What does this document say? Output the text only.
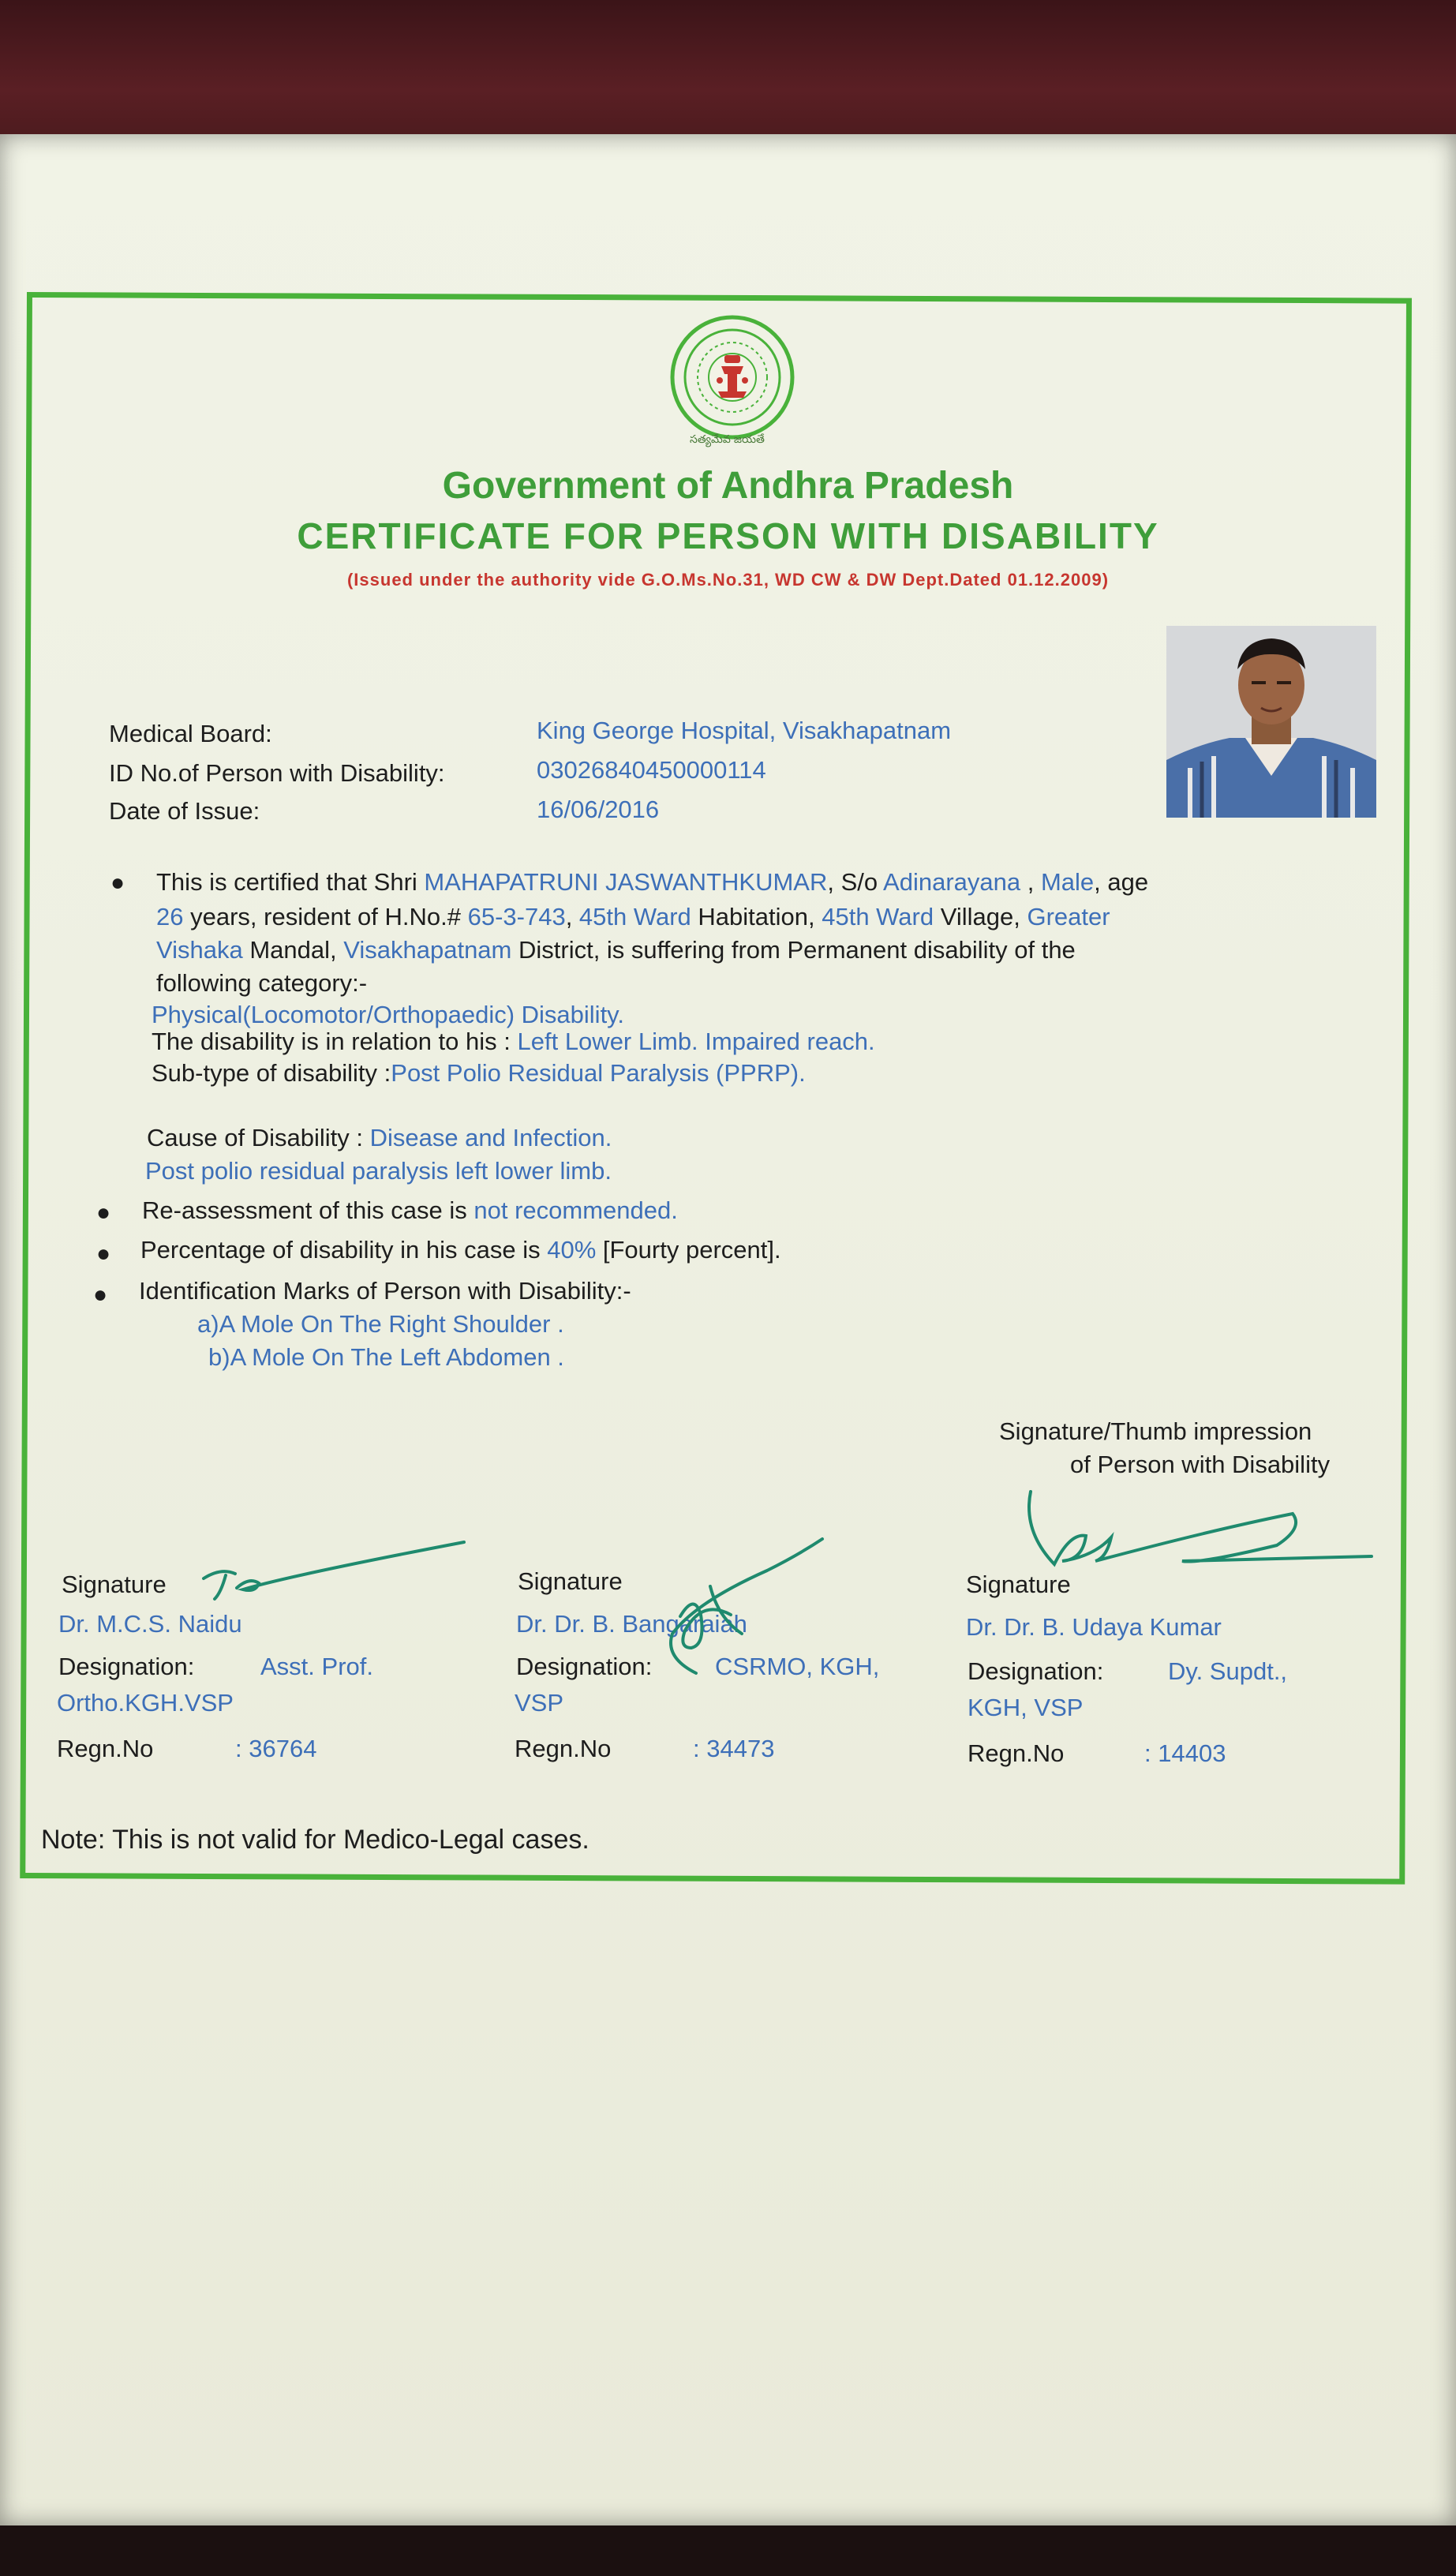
సత్యమేవ జయతే
Government of Andhra Pradesh
CERTIFICATE FOR PERSON WITH DISABILITY
(Issued under the authority vide G.O.Ms.No.31, WD CW & DW Dept.Dated 01.12.2009)
Medical Board:	King George Hospital, Visakhapatnam
ID No.of Person with Disability:	03026840450000114
Date of Issue:	16/06/2016
● This is certified that Shri MAHAPATRUNI JASWANTHKUMAR, S/o Adinarayana , Male, age
26 years, resident of H.No.# 65-3-743, 45th Ward Habitation, 45th Ward Village, Greater
Vishaka Mandal, Visakhapatnam District, is suffering from Permanent disability of the
following category:-
Physical(Locomotor/Orthopaedic) Disability.
The disability is in relation to his : Left Lower Limb. Impaired reach.
Sub-type of disability :Post Polio Residual Paralysis (PPRP).
Cause of Disability : Disease and Infection.
Post polio residual paralysis left lower limb.
● Re-assessment of this case is not recommended.
● Percentage of disability in his case is 40% [Fourty percent].
● Identification Marks of Person with Disability:-
a)A Mole On The Right Shoulder .
b)A Mole On The Left Abdomen .
Signature/Thumb impression
of Person with Disability
Signature
Dr. M.C.S. Naidu
Designation:	Asst. Prof.
Ortho.KGH.VSP
Regn.No	: 36764
Signature
Dr. Dr. B. Bangaraiah
Designation:	CSRMO, KGH,
VSP
Regn.No	: 34473
Signature
Dr. Dr. B. Udaya Kumar
Designation:	Dy. Supdt.,
KGH, VSP
Regn.No	: 14403
Note: This is not valid for Medico-Legal cases.
